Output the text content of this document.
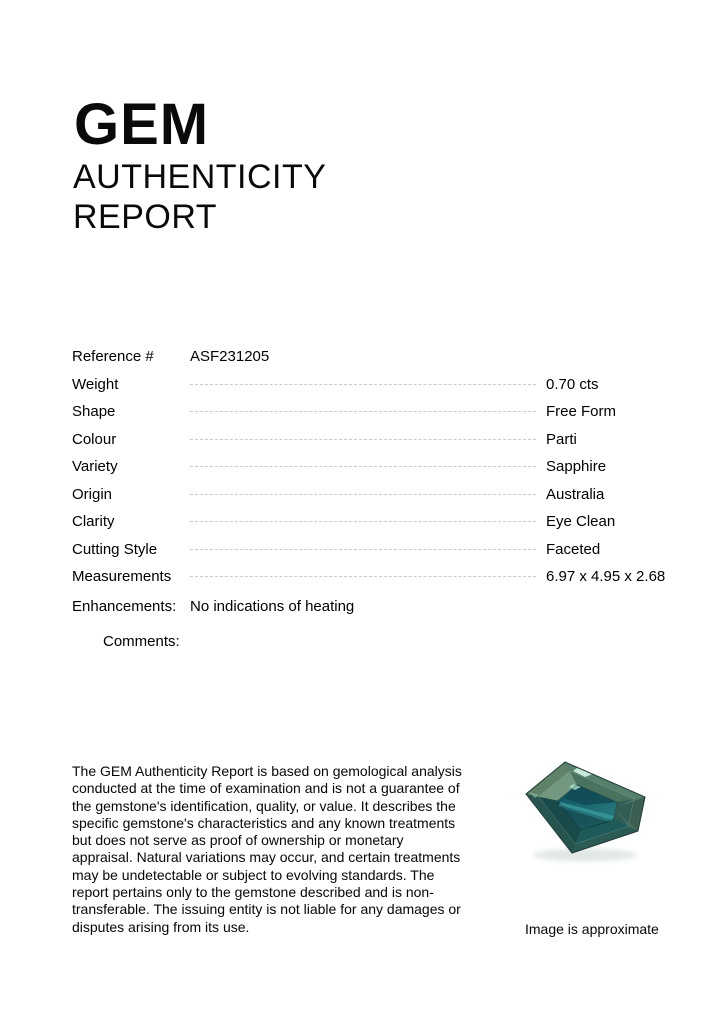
GEM
AUTHENTICITY
REPORT
Reference #	ASF231205
Weight	0.70 cts
Shape	Free Form
Colour	Parti
Variety	Sapphire
Origin	Australia
Clarity	Eye Clean
Cutting Style	Faceted
Measurements	6.97 x 4.95 x 2.68
Enhancements: No indications of heating
Comments:
The GEM Authenticity Report is based on gemological analysis conducted at the time of examination and is not a guarantee of the gemstone's identification, quality, or value. It describes the specific gemstone's characteristics and any known treatments but does not serve as proof of ownership or monetary appraisal. Natural variations may occur, and certain treatments may be undetectable or subject to evolving standards. The report pertains only to the gemstone described and is non-transferable. The issuing entity is not liable for any damages or disputes arising from its use.	Image is approximate
